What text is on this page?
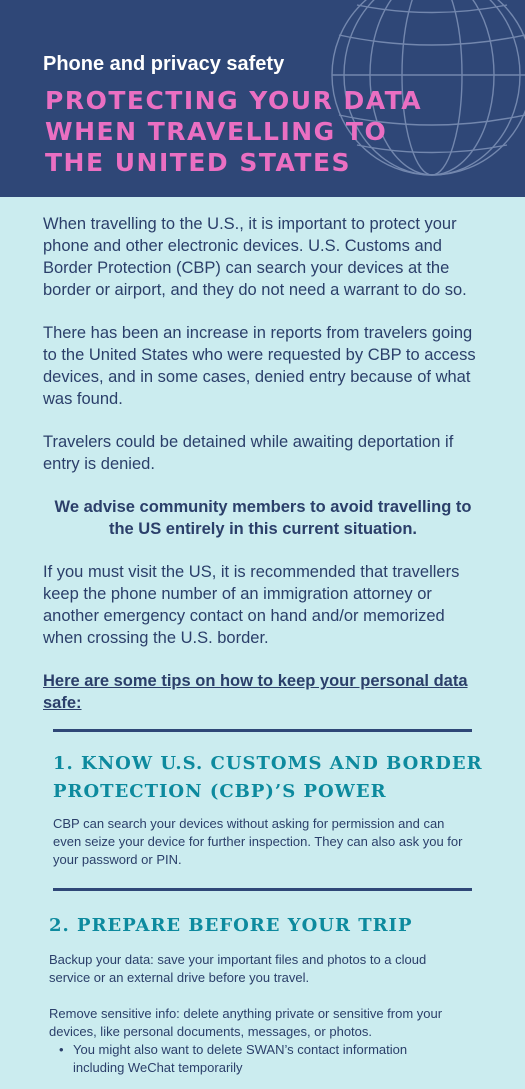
Phone and privacy safety
PROTECTING YOUR DATA
WHEN TRAVELLING TO
THE UNITED STATES

When travelling to the U.S., it is important to protect your phone and other electronic devices. U.S. Customs and Border Protection (CBP) can search your devices at the border or airport, and they do not need a warrant to do so.

There has been an increase in reports from travelers going to the United States who were requested by CBP to access devices, and in some cases, denied entry because of what was found.

Travelers could be detained while awaiting deportation if entry is denied.

We advise community members to avoid travelling to the US entirely in this current situation.

If you must visit the US, it is recommended that travellers keep the phone number of an immigration attorney or another emergency contact on hand and/or memorized when crossing the U.S. border.

Here are some tips on how to keep your personal data safe:

1. KNOW U.S. CUSTOMS AND BORDER
PROTECTION (CBP)’S POWER
CBP can search your devices without asking for permission and can even seize your device for further inspection. They can also ask you for your password or PIN.
2. PREPARE BEFORE YOUR TRIP
Backup your data: save your important files and photos to a cloud service or an external drive before you travel.
Remove sensitive info: delete anything private or sensitive from your devices, like personal documents, messages, or photos.
• You might also want to delete SWAN’s contact information including WeChat temporarily
